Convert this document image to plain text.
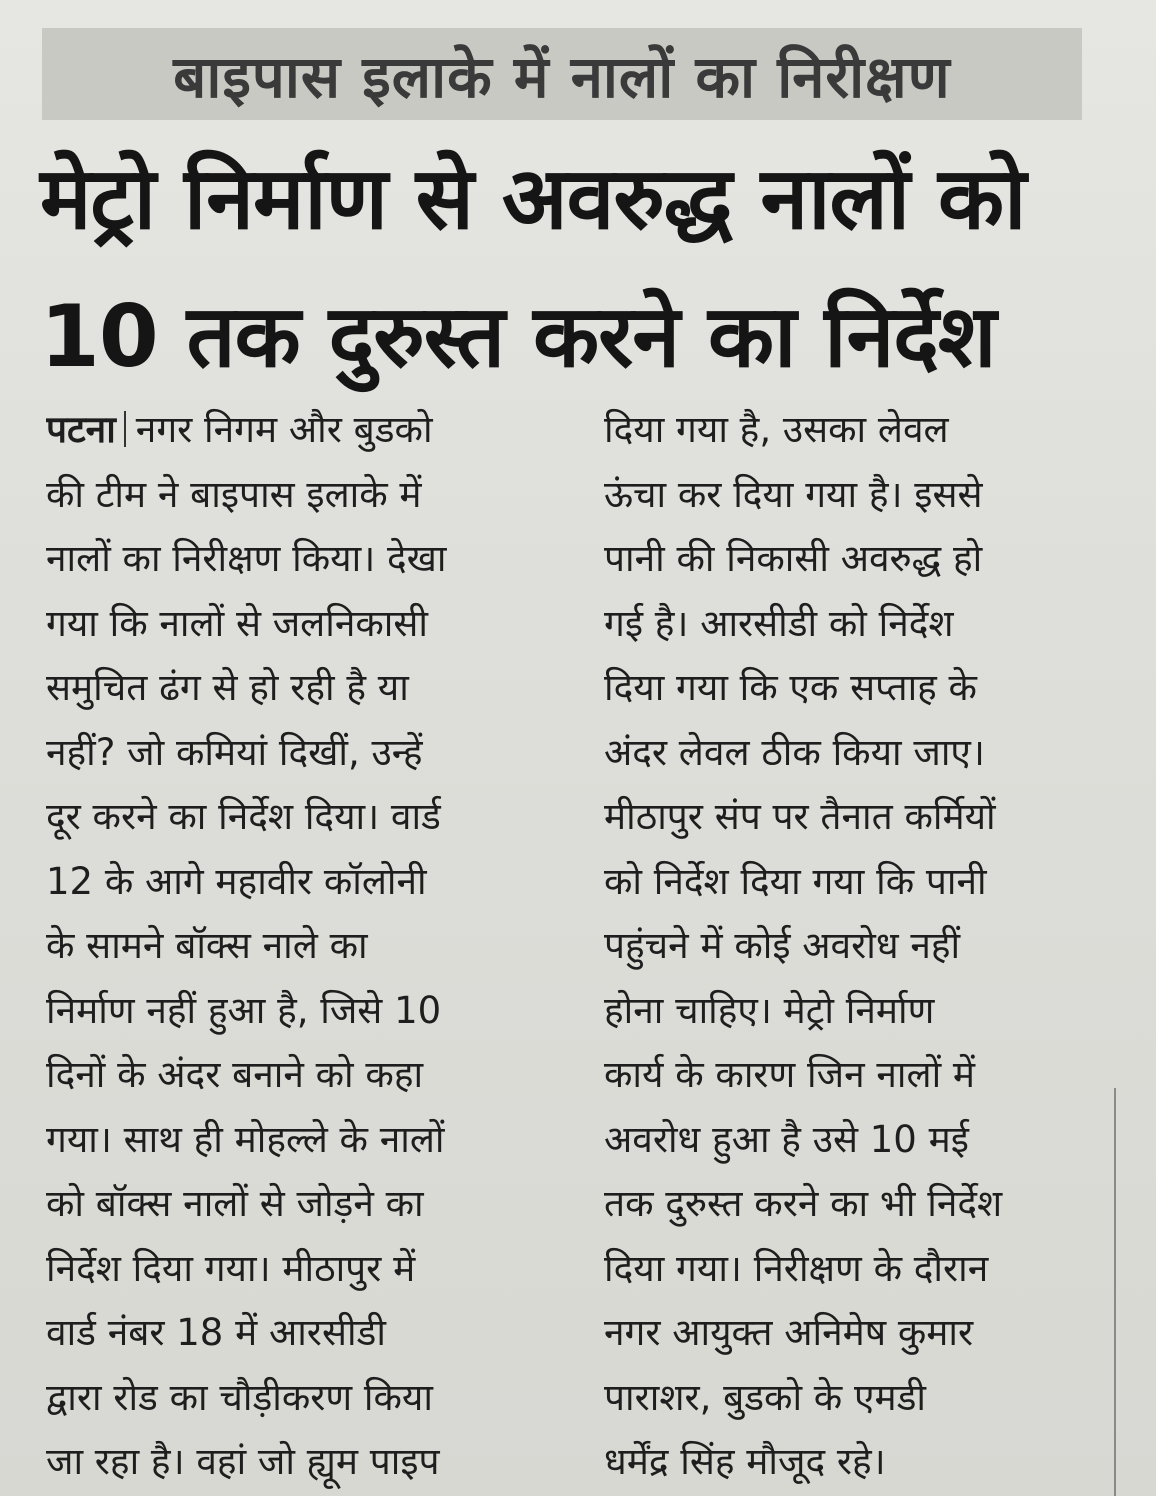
बाइपास इलाके में नालों का निरीक्षण
मेट्रो निर्माण से अवरुद्ध नालों को
10 तक दुरुस्त करने का निर्देश
पटना नगर निगम और बुडको
की टीम ने बाइपास इलाके में
नालों का निरीक्षण किया। देखा
गया कि नालों से जलनिकासी
समुचित ढंग से हो रही है या
नहीं? जो कमियां दिखीं, उन्हें
दूर करने का निर्देश दिया। वार्ड
12 के आगे महावीर कॉलोनी
के सामने बॉक्स नाले का
निर्माण नहीं हुआ है, जिसे 10
दिनों के अंदर बनाने को कहा
गया। साथ ही मोहल्ले के नालों
को बॉक्स नालों से जोड़ने का
निर्देश दिया गया। मीठापुर में
वार्ड नंबर 18 में आरसीडी
द्वारा रोड का चौड़ीकरण किया
जा रहा है। वहां जो ह्यूम पाइप
दिया गया है, उसका लेवल
ऊंचा कर दिया गया है। इससे
पानी की निकासी अवरुद्ध हो
गई है। आरसीडी को निर्देश
दिया गया कि एक सप्ताह के
अंदर लेवल ठीक किया जाए।
मीठापुर संप पर तैनात कर्मियों
को निर्देश दिया गया कि पानी
पहुंचने में कोई अवरोध नहीं
होना चाहिए। मेट्रो निर्माण
कार्य के कारण जिन नालों में
अवरोध हुआ है उसे 10 मई
तक दुरुस्त करने का भी निर्देश
दिया गया। निरीक्षण के दौरान
नगर आयुक्त अनिमेष कुमार
पाराशर, बुडको के एमडी
धर्मेंद्र सिंह मौजूद रहे।
